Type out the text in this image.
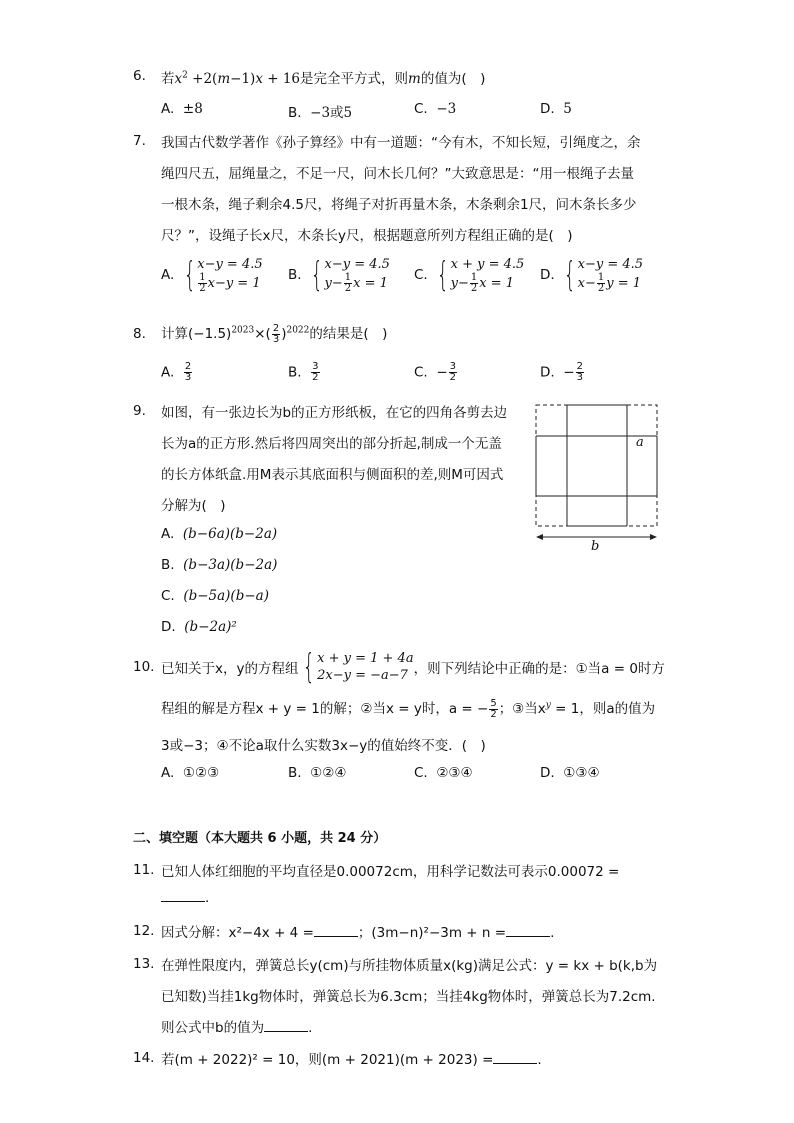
6. 若$x^2 +2(m-1)x + 16$是完全平方式，则m的值为(　)
A. ±8	B. −3或5	C. −3	D. 5
7. 我国古代数学著作《孙子算经》中有一道题：“今有木，不知长短，引绳度之，余
绳四尺五，屈绳量之，不足一尺，问木长几何？”大致意思是：“用一根绳子去量
一根木条，绳子剩余4.5尺，将绳子对折再量木条，木条剩余1尺，问木条长多少
尺？”，设绳子长x尺，木条长y尺，根据题意所列方程组正确的是(　)
A. { x−y = 4.5

$\frac{1}{2} x-y = 1$
B. { x−y = 4.5
$y- \frac{1}{2}$ x = 1
C. { x + y = 4.5
$y- \frac{1}{2}$ x = 1
D. { x−y = 4.5
$x- \frac{1}{2}$ y = 1
8. 计算$(-1.5)^{2023}\times( \frac{2}{3} )^{2022}$的结果是(　)
A. $\frac{2}{3}$	B. $\frac{3}{2}$	C. − $\frac{3}{2}$	D. − $\frac{2}{3}$
9. 如图，有一张边长为b的正方形纸板，在它的四角各剪去边
长为a的正方形.然后将四周突出的部分折起,制成一个无盖
的长方体纸盒.用M表示其底面积与侧面积的差,则M可因式
分解为(　)
A. (b−6a)(b−2a)
B. (b−3a)(b−2a)
C. (b−5a)(b−a)
D. (b−2a)²
a
b
10. 已知关于x，y的方程组 { x + y = 1 + 4a
2x−y = −a−7 ，则下列结论中正确的是：①当a = 0时方
程组的解是方程x + y = 1的解；②当x = y时，a = − $\frac{5}{2}$ ；③当$x^y = 1$，则a的值为
3或−3；④不论a取什么实数3x−y的值始终不变．(　)
A. ①②③	B. ①②④	C. ②③④	D. ①③④
二、填空题（本大题共 6 小题，共 24 分）
11. 已知人体红细胞的平均直径是0.00072cm，用科学记数法可表示0.00072 =
.
12. 因式分解：x²−4x + 4 =	；(3m−n)²−3m + n =	.
13. 在弹性限度内，弹簧总长y(cm)与所挂物体质量x(kg)满足公式：y = kx + b(k,b为
已知数)当挂1kg物体时，弹簧总长为6.3cm；当挂4kg物体时，弹簧总长为7.2cm.
则公式中b的值为	.
14. 若(m + 2022)² = 10，则(m + 2021)(m + 2023) =	.
